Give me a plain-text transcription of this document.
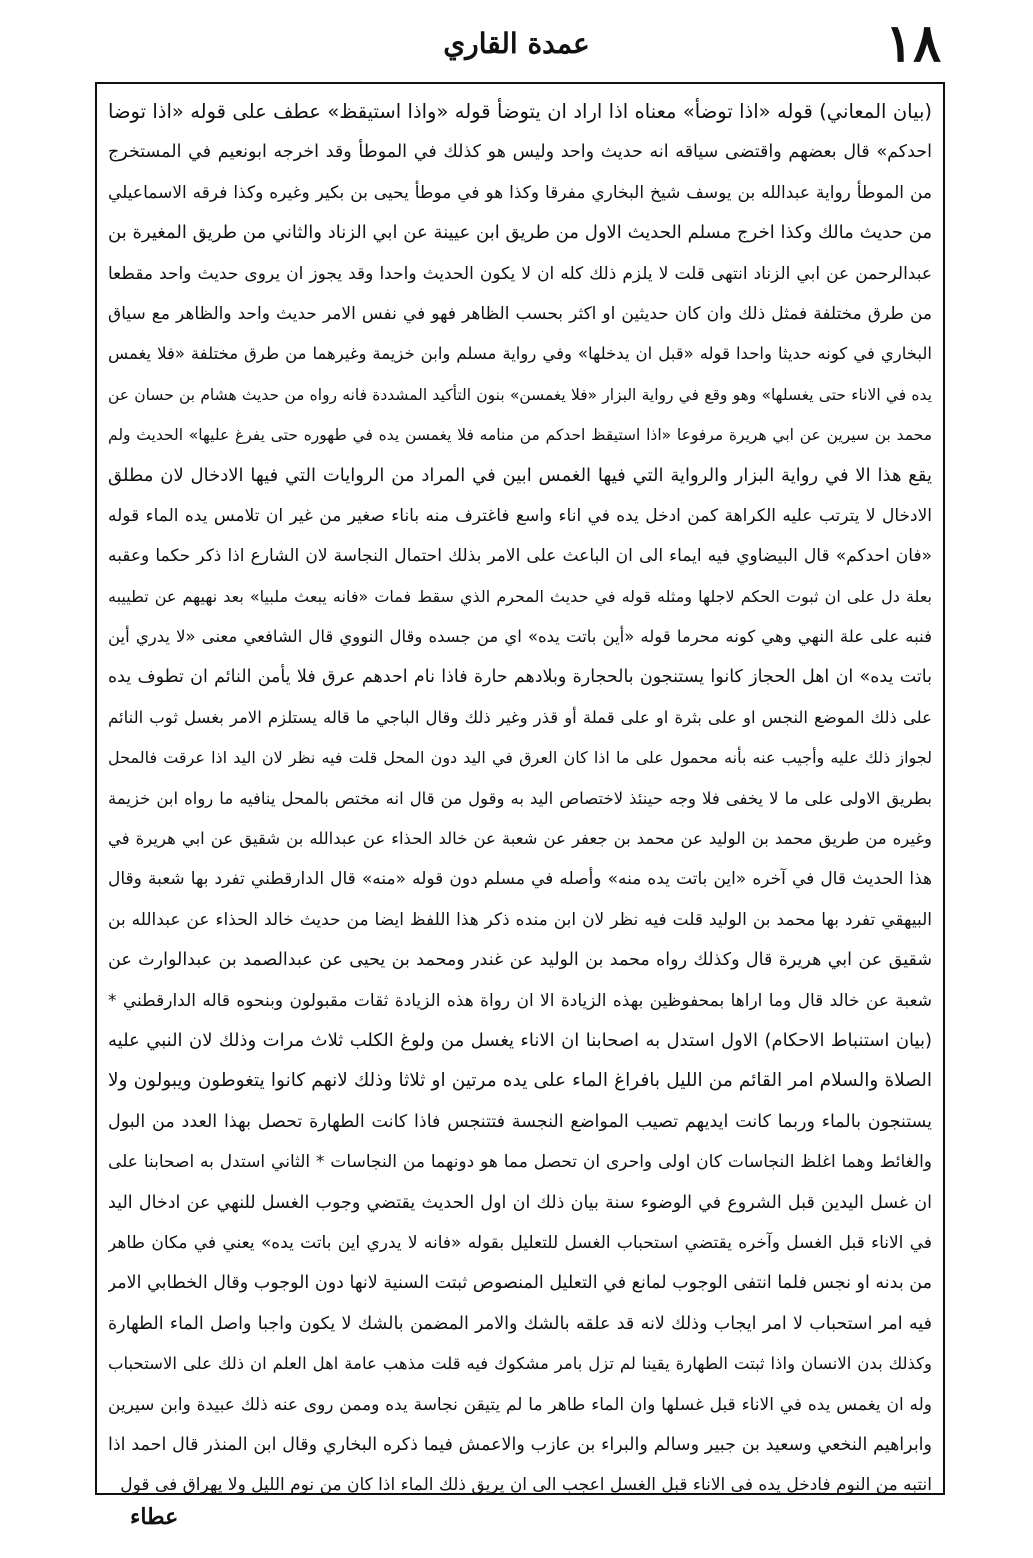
١٨
عمدة القاري
(بيان المعاني) قوله «اذا توضأ» معناه اذا اراد ان يتوضأ قوله «واذا استيقظ» عطف على قوله «اذا توضا
احدكم» قال بعضهم واقتضى سياقه انه حديث واحد وليس هو كذلك في الموطأ وقد اخرجه ابونعيم في المستخرج
من الموطأ رواية عبدالله بن يوسف شيخ البخاري مفرقا وكذا هو في موطأ يحيى بن بكير وغيره وكذا فرقه الاسماعيلي
من حديث مالك وكذا اخرج مسلم الحديث الاول من طريق ابن عيينة عن ابي الزناد والثاني من طريق المغيرة بن
عبدالرحمن عن ابي الزناد انتهى قلت لا يلزم ذلك كله ان لا يكون الحديث واحدا وقد يجوز ان يروى حديث واحد مقطعا
من طرق مختلفة فمثل ذلك وان كان حديثين او اكثر بحسب الظاهر فهو في نفس الامر حديث واحد والظاهر مع سياق
البخاري في كونه حديثا واحدا قوله «قبل ان يدخلها» وفي رواية مسلم وابن خزيمة وغيرهما من طرق مختلفة «فلا يغمس
يده في الاناء حتى يغسلها» وهو وقع في رواية البزار «فلا يغمسن» بنون التأكيد المشددة فانه رواه من حديث هشام بن حسان عن
محمد بن سيرين عن ابي هريرة مرفوعا «اذا استيقظ احدكم من منامه فلا يغمسن يده في طهوره حتى يفرغ عليها» الحديث ولم
يقع هذا الا في رواية البزار والرواية التي فيها الغمس ابين في المراد من الروايات التي فيها الادخال لان مطلق
الادخال لا يترتب عليه الكراهة كمن ادخل يده في اناء واسع فاغترف منه باناء صغير من غير ان تلامس يده الماء قوله
«فان احدكم» قال البيضاوي فيه ايماء الى ان الباعث على الامر بذلك احتمال النجاسة لان الشارع اذا ذكر حكما وعقبه
بعلة دل على ان ثبوت الحكم لاجلها ومثله قوله في حديث المحرم الذي سقط فمات «فانه يبعث ملبيا» بعد نهيهم عن تطييبه
فنبه على علة النهي وهي كونه محرما قوله «أين باتت يده» اي من جسده وقال النووي قال الشافعي معنى «لا يدري أين
باتت يده» ان اهل الحجاز كانوا يستنجون بالحجارة وبلادهم حارة فاذا نام احدهم عرق فلا يأمن النائم ان تطوف يده
على ذلك الموضع النجس او على بثرة او على قملة أو قذر وغير ذلك وقال الباجي ما قاله يستلزم الامر بغسل ثوب النائم
لجواز ذلك عليه وأجيب عنه بأنه محمول على ما اذا كان العرق في اليد دون المحل قلت فيه نظر لان اليد اذا عرقت فالمحل
بطريق الاولى على ما لا يخفى فلا وجه حينئذ لاختصاص اليد به وقول من قال انه مختص بالمحل ينافيه ما رواه ابن خزيمة
وغيره من طريق محمد بن الوليد عن محمد بن جعفر عن شعبة عن خالد الحذاء عن عبدالله بن شقيق عن ابي هريرة في
هذا الحديث قال في آخره «اين باتت يده منه» وأصله في مسلم دون قوله «منه» قال الدارقطني تفرد بها شعبة وقال
البيهقي تفرد بها محمد بن الوليد قلت فيه نظر لان ابن منده ذكر هذا اللفظ ايضا من حديث خالد الحذاء عن عبدالله بن
شقيق عن ابي هريرة قال وكذلك رواه محمد بن الوليد عن غندر ومحمد بن يحيى عن عبدالصمد بن عبدالوارث عن
شعبة عن خالد قال وما اراها بمحفوظين بهذه الزيادة الا ان رواة هذه الزيادة ثقات مقبولون وبنحوه قاله الدارقطني *
(بيان استنباط الاحكام) الاول استدل به اصحابنا ان الاناء يغسل من ولوغ الكلب ثلاث مرات وذلك لان النبي عليه
الصلاة والسلام امر القائم من الليل بافراغ الماء على يده مرتين او ثلاثا وذلك لانهم كانوا يتغوطون ويبولون ولا
يستنجون بالماء وربما كانت ايديهم تصيب المواضع النجسة فتتنجس فاذا كانت الطهارة تحصل بهذا العدد من البول
والغائط وهما اغلظ النجاسات كان اولى واحرى ان تحصل مما هو دونهما من النجاسات * الثاني استدل به اصحابنا على
ان غسل اليدين قبل الشروع في الوضوء سنة بيان ذلك ان اول الحديث يقتضي وجوب الغسل للنهي عن ادخال اليد
في الاناء قبل الغسل وآخره يقتضي استحباب الغسل للتعليل بقوله «فانه لا يدري اين باتت يده» يعني في مكان طاهر
من بدنه او نجس فلما انتفى الوجوب لمانع في التعليل المنصوص ثبتت السنية لانها دون الوجوب وقال الخطابي الامر
فيه امر استحباب لا امر ايجاب وذلك لانه قد علقه بالشك والامر المضمن بالشك لا يكون واجبا واصل الماء الطهارة
وكذلك بدن الانسان واذا ثبتت الطهارة يقينا لم تزل بامر مشكوك فيه قلت مذهب عامة اهل العلم ان ذلك على الاستحباب
وله ان يغمس يده في الاناء قبل غسلها وان الماء طاهر ما لم يتيقن نجاسة يده وممن روى عنه ذلك عبيدة وابن سيرين
وابراهيم النخعي وسعيد بن جبير وسالم والبراء بن عازب والاعمش فيما ذكره البخاري وقال ابن المنذر قال احمد اذا
انتبه من النوم فادخل يده في الاناء قبل الغسل اعجب الى ان يريق ذلك الماء اذا كان من نوم الليل ولا يهراق في قول
عطاء
